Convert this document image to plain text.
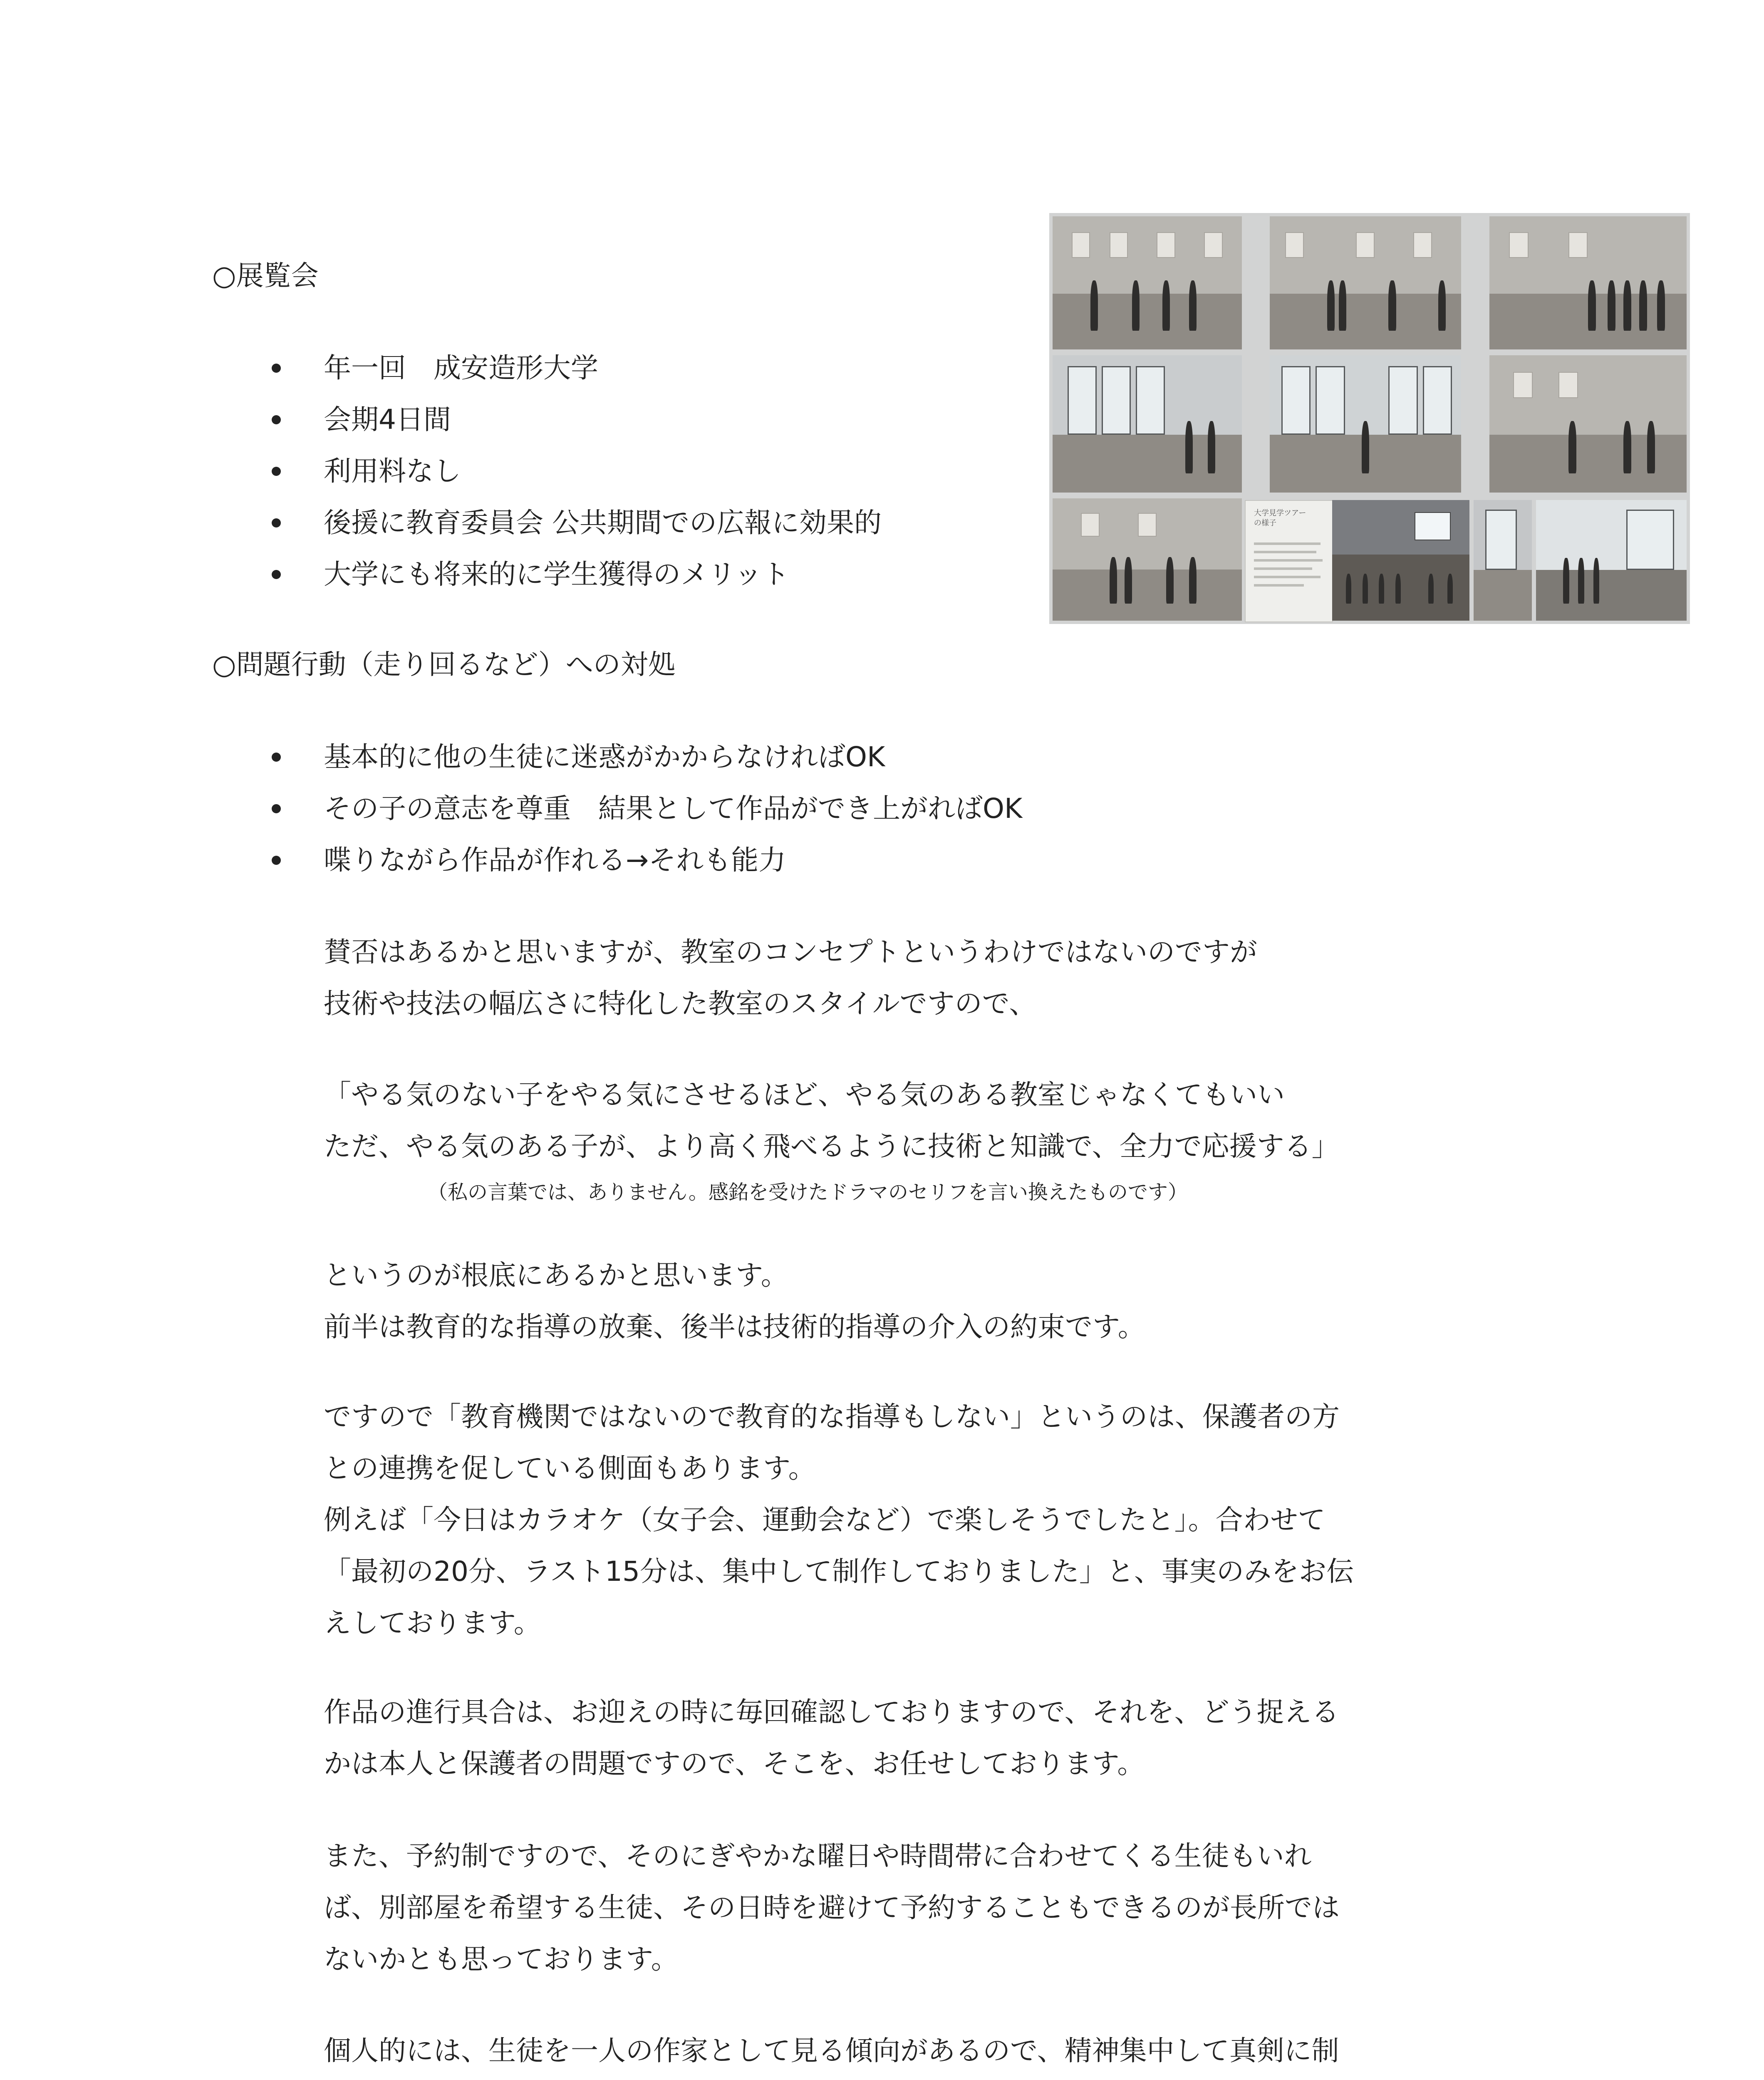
○展覧会
年一回　成安造形大学
会期4日間
利用料なし
後援に教育委員会 公共期間での広報に効果的
大学にも将来的に学生獲得のメリット
大学見学ツアー
の様子
○問題行動（走り回るなど）への対処
基本的に他の生徒に迷惑がかからなければOK
その子の意志を尊重　結果として作品ができ上がればOK
喋りながら作品が作れる→それも能力

賛否はあるかと思いますが、教室のコンセプトというわけではないのですが

技術や技法の幅広さに特化した教室のスタイルですので、

「やる気のない子をやる気にさせるほど、やる気のある教室じゃなくてもいい

ただ、やる気のある子が、より高く飛べるように技術と知識で、全力で応援する」

（私の言葉では、ありません。感銘を受けたドラマのセリフを言い換えたものです）

というのが根底にあるかと思います。

前半は教育的な指導の放棄、後半は技術的指導の介入の約束です。

ですので「教育機関ではないので教育的な指導もしない」というのは、保護者の方

との連携を促している側面もあります。

例えば「今日はカラオケ（女子会、運動会など）で楽しそうでしたと」。合わせて

「最初の20分、ラスト15分は、集中して制作しておりました」と、事実のみをお伝

えしております。

作品の進行具合は、お迎えの時に毎回確認しておりますので、それを、どう捉える

かは本人と保護者の問題ですので、そこを、お任せしております。

また、予約制ですので、そのにぎやかな曜日や時間帯に合わせてくる生徒もいれ

ば、別部屋を希望する生徒、その日時を避けて予約することもできるのが長所では

ないかとも思っております。

個人的には、生徒を一人の作家として見る傾向があるので、精神集中して真剣に制
